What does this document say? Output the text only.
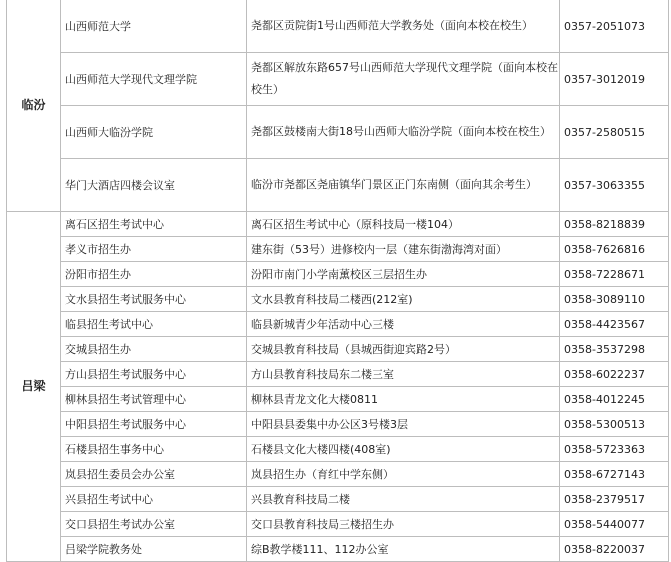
临汾	山西师范大学	尧都区贡院街1号山西师范大学教务处（面向本校在校生）	0357-2051073
	山西师范大学现代文理学院	尧都区解放东路657号山西师范大学现代文理学院（面向本校在校生）	0357-3012019
	山西师大临汾学院	尧都区鼓楼南大街18号山西师大临汾学院（面向本校在校生）	0357-2580515
	华门大酒店四楼会议室	临汾市尧都区尧庙镇华门景区正门东南侧（面向其余考生）	0357-3063355
吕梁	离石区招生考试中心	离石区招生考试中心（原科技局一楼104）	0358-8218839
	孝义市招生办	建东街（53号）进修校内一层（建东街渤海湾对面）	0358-7626816
	汾阳市招生办	汾阳市南门小学南薰校区三层招生办	0358-7228671
	文水县招生考试服务中心	文水县教育科技局二楼西(212室)	0358-3089110
	临县招生考试中心	临县新城青少年活动中心三楼	0358-4423567
	交城县招生办	交城县教育科技局（县城西街迎宾路2号）	0358-3537298
	方山县招生考试服务中心	方山县教育科技局东二楼三室	0358-6022237
	柳林县招生考试管理中心	柳林县青龙文化大楼0811	0358-4012245
	中阳县招生考试服务中心	中阳县县委集中办公区3号楼3层	0358-5300513
	石楼县招生事务中心	石楼县文化大楼四楼(408室)	0358-5723363
	岚县招生委员会办公室	岚县招生办（育红中学东侧）	0358-6727143
	兴县招生考试中心	兴县教育科技局二楼	0358-2379517
	交口县招生考试办公室	交口县教育科技局三楼招生办	0358-5440077
	吕梁学院教务处	综B教学楼111、112办公室	0358-8220037
